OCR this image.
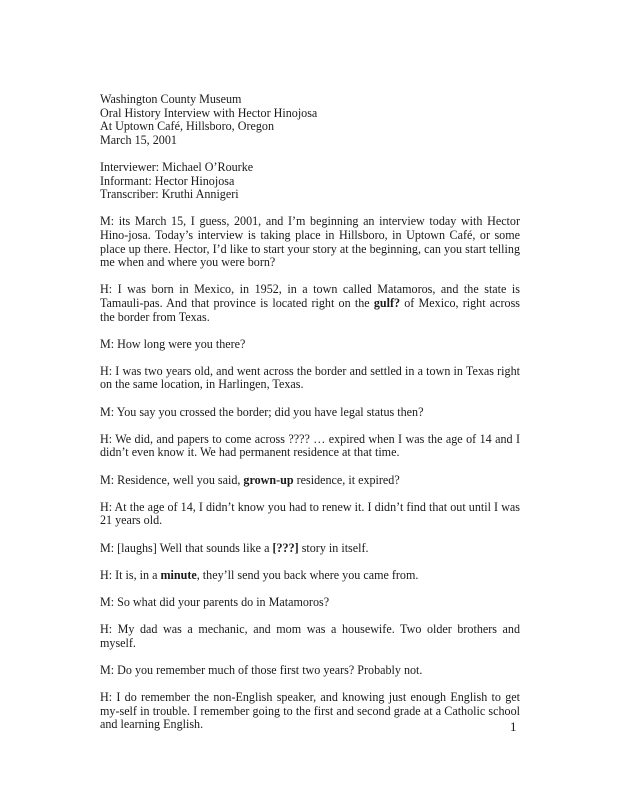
Washington County Museum
Oral History Interview with Hector Hinojosa
At Uptown Café, Hillsboro, Oregon
March 15, 2001
Interviewer: Michael O’Rourke
Informant: Hector Hinojosa
Transcriber: Kruthi Annigeri

M: its March 15, I guess, 2001, and I’m beginning an interview today with Hector Hino-josa. Today’s interview is taking place in Hillsboro, in Uptown Café, or some place up there. Hector, I’d like to start your story at the beginning, can you start telling me when and where you were born?

H: I was born in Mexico, in 1952, in a town called Matamoros, and the state is Tamauli-pas. And that province is located right on the gulf? of Mexico, right across the border from Texas.

M: How long were you there?

H: I was two years old, and went across the border and settled in a town in Texas right on the same location, in Harlingen, Texas.

M: You say you crossed the border; did you have legal status then?

H: We did, and papers to come across ???? … expired when I was the age of 14 and I didn’t even know it. We had permanent residence at that time.

M: Residence, well you said, grown-up residence, it expired?

H: At the age of 14, I didn’t know you had to renew it. I didn’t find that out until I was 21 years old.

M: [laughs] Well that sounds like a [???] story in itself.

H: It is, in a minute, they’ll send you back where you came from.

M: So what did your parents do in Matamoros?

H: My dad was a mechanic, and mom was a housewife. Two older brothers and myself.

M: Do you remember much of those first two years? Probably not.

H: I do remember the non-English speaker, and knowing just enough English to get my-self in trouble. I remember going to the first and second grade at a Catholic school and learning English.	1
